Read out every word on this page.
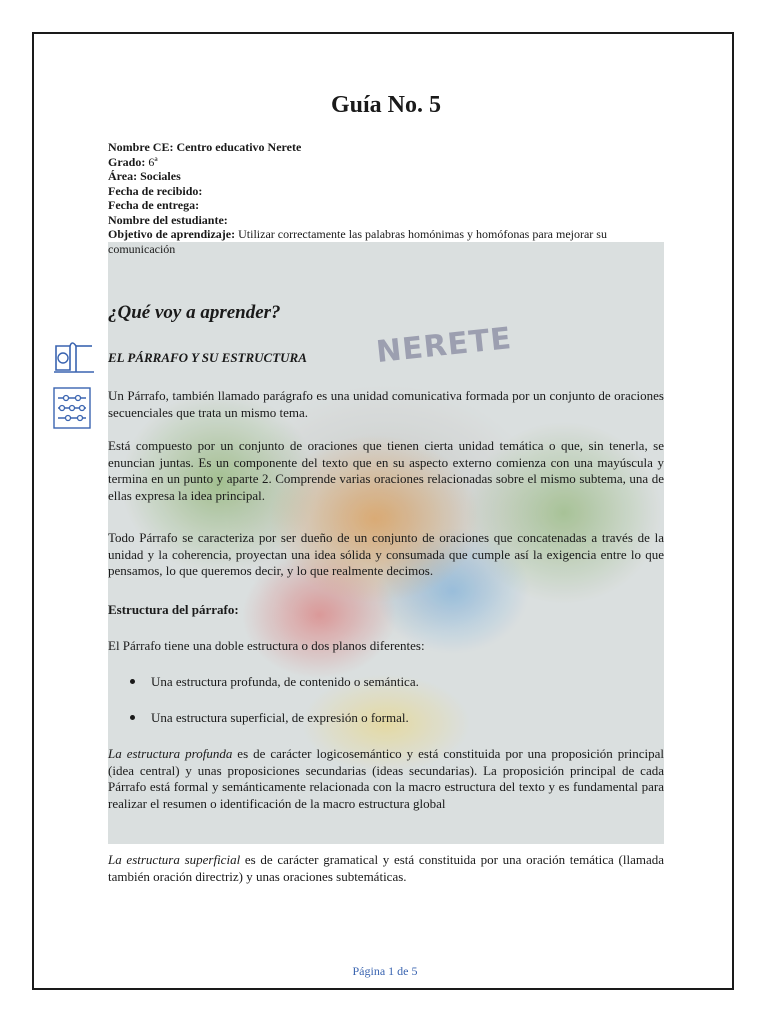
NERETE
Guía No. 5
Nombre CE: Centro educativo Nerete
Grado: 6ª
Área: Sociales
Fecha de recibido:
Fecha de entrega:
Nombre del estudiante:
Objetivo de aprendizaje: Utilizar correctamente las palabras homónimas y homófonas para mejorar su comunicación
¿Qué voy a aprender?
EL PÁRRAFO Y SU ESTRUCTURA

Un Párrafo, también llamado parágrafo es una unidad comunicativa formada por un conjunto de oraciones secuenciales que trata un mismo tema.

Está compuesto por un conjunto de oraciones que tienen cierta unidad temática o que, sin tenerla, se enuncian juntas. Es un componente del texto que en su aspecto externo comienza con una mayúscula y termina en un punto y aparte 2. Comprende varias oraciones relacionadas sobre el mismo subtema, una de ellas expresa la idea principal.

Todo Párrafo se caracteriza por ser dueño de un conjunto de oraciones que concatenadas a través de la unidad y la coherencia, proyectan una idea sólida y consumada que cumple así la exigencia entre lo que pensamos, lo que queremos decir, y lo que realmente decimos.

Estructura del párrafo:

El Párrafo tiene una doble estructura o dos planos diferentes:

Una estructura profunda, de contenido o semántica.
Una estructura superficial, de expresión o formal.

La estructura profunda es de carácter logicosemántico y está constituida por una proposición principal (idea central) y unas proposiciones secundarias (ideas secundarias). La proposición principal de cada Párrafo está formal y semánticamente relacionada con la macro estructura del texto y es fundamental para realizar el resumen o identificación de la macro estructura global

La estructura superficial es de carácter gramatical y está constituida por una oración temática (llamada también oración directriz) y unas oraciones subtemáticas.

Página 1 de 5
